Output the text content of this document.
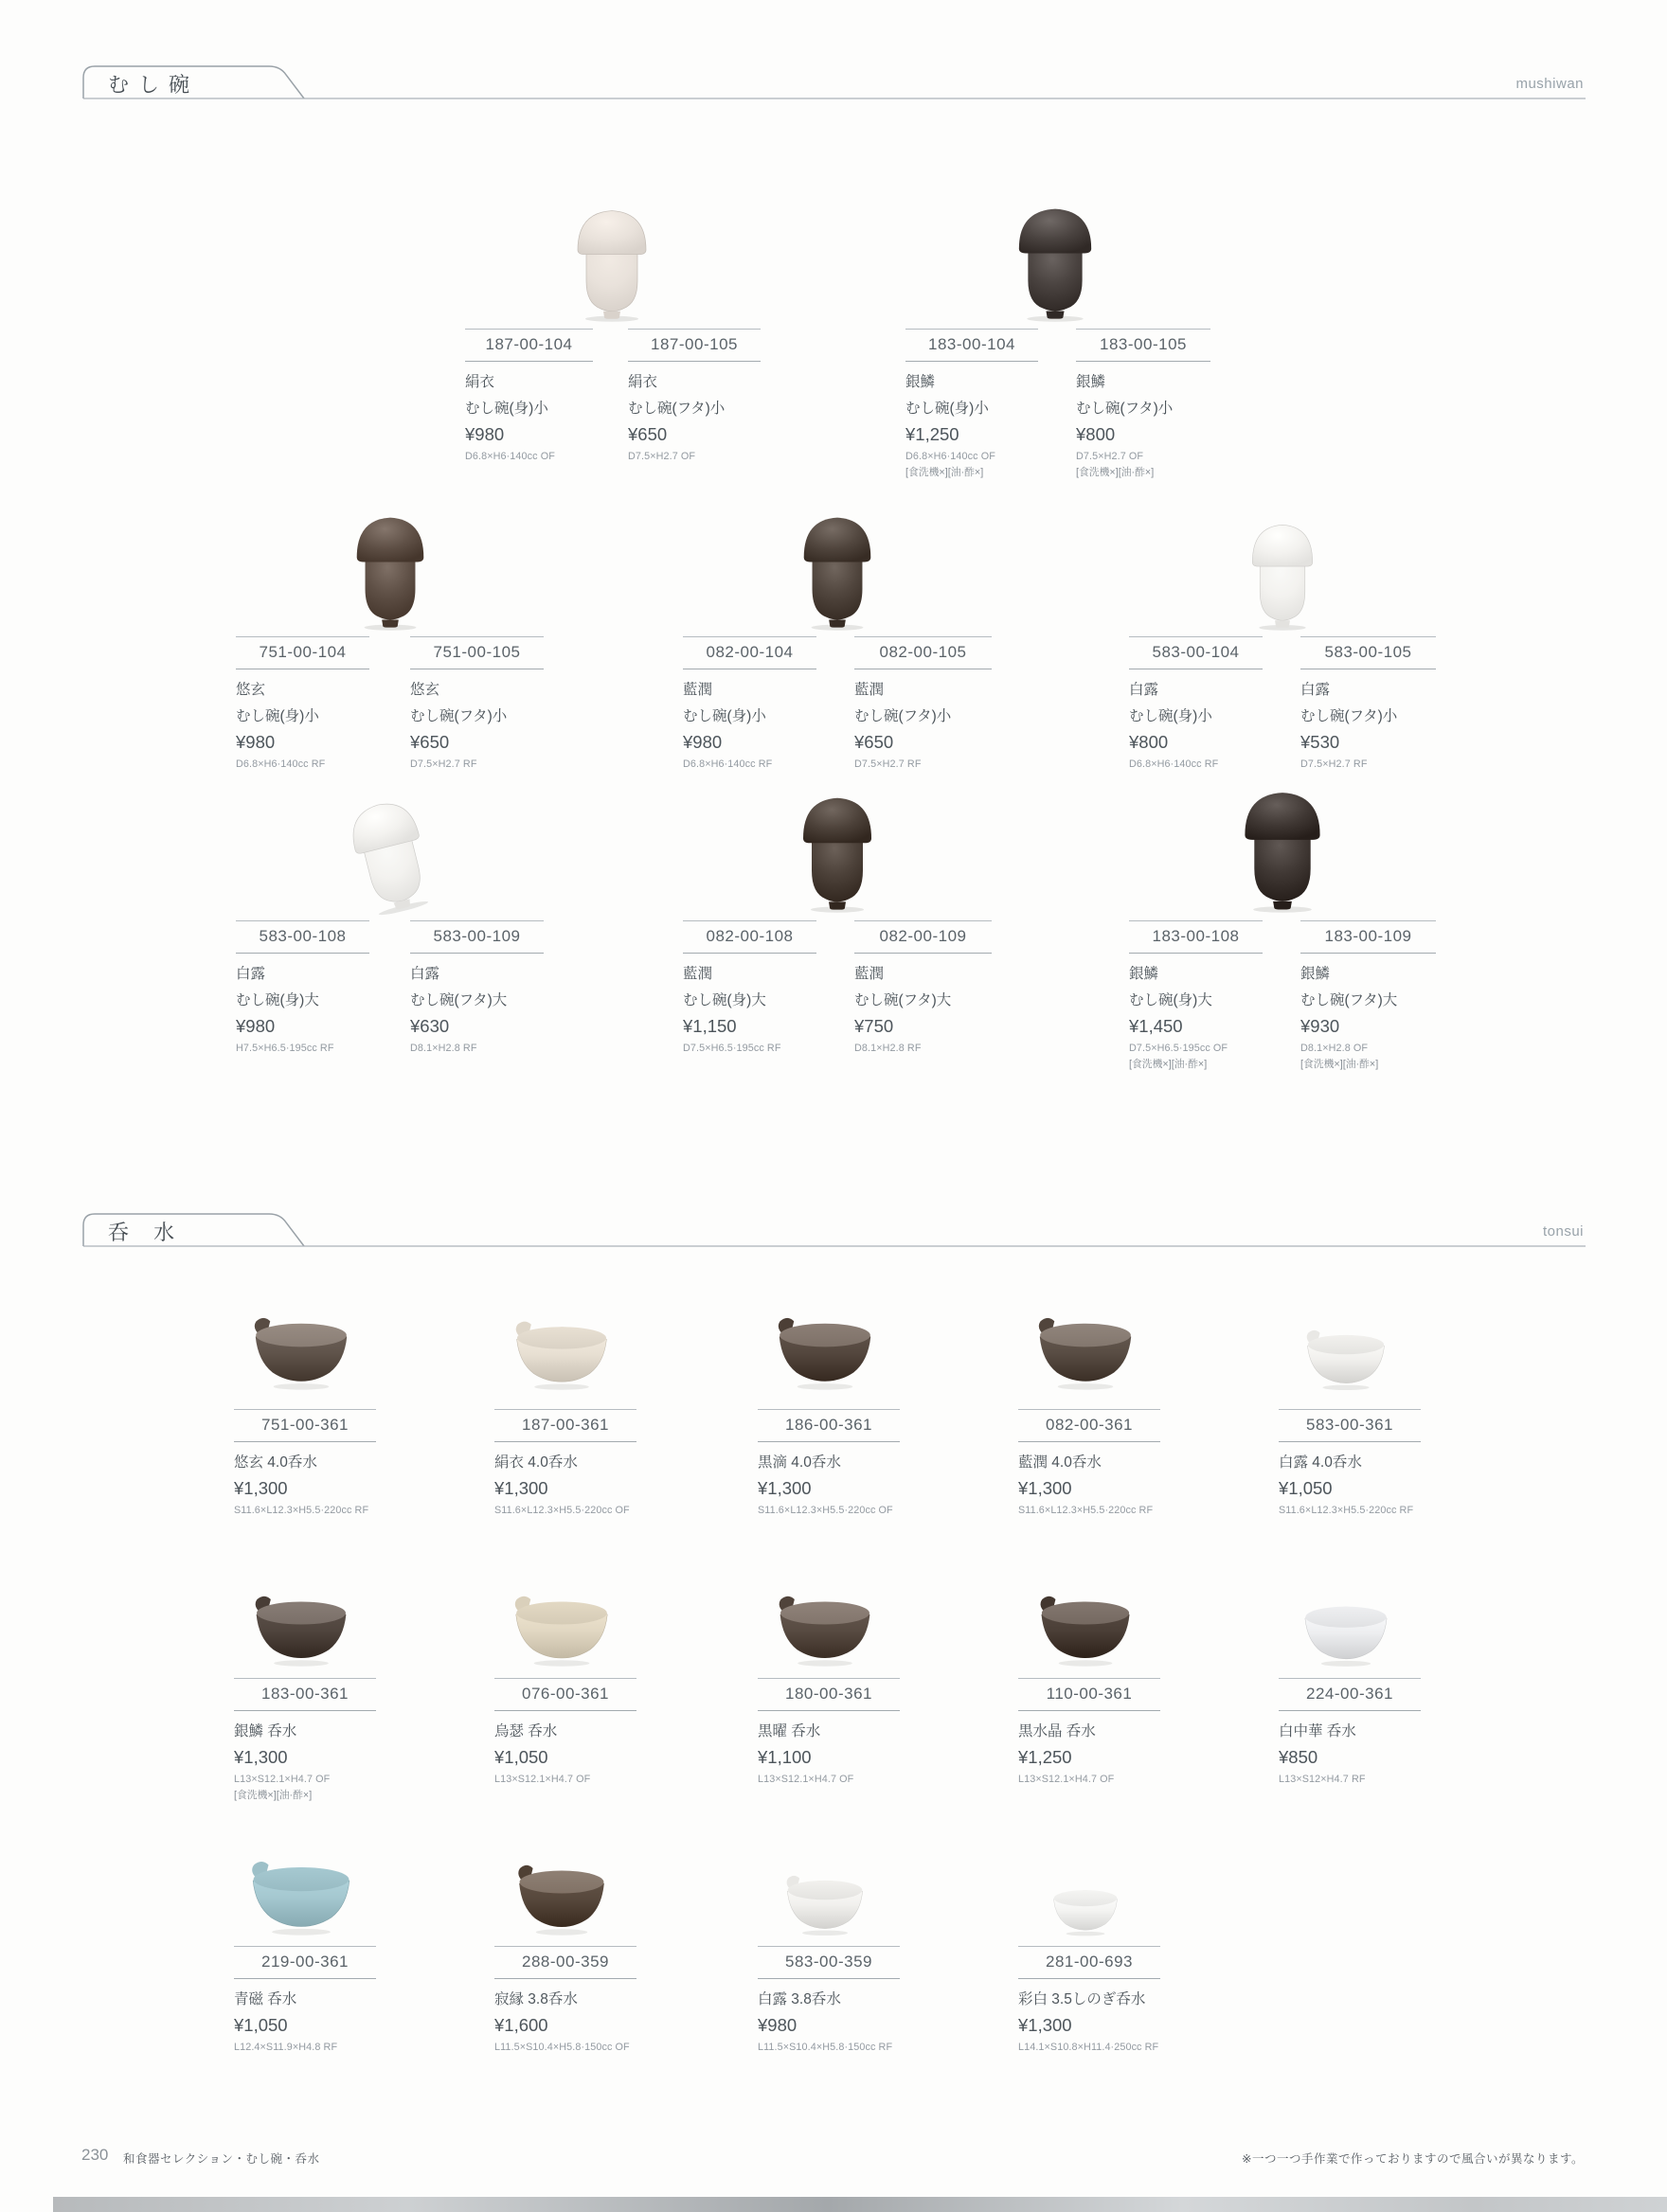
むし碗	mushiwan
呑 水	tonsui
230 和食器セレクション・むし碗・呑水	※一つ一つ手作業で作っておりますので風合いが異なります。
187-00-104
絹衣
むし碗(身)小
¥980
D6.8×H6·140cc OF
187-00-105
絹衣
むし碗(フタ)小
¥650
D7.5×H2.7 OF
183-00-104
銀鱗
むし碗(身)小
¥1,250
D6.8×H6·140cc OF
[食洗機×][油·酢×]
183-00-105
銀鱗
むし碗(フタ)小
¥800
D7.5×H2.7 OF
[食洗機×][油·酢×]
751-00-104
悠玄
むし碗(身)小
¥980
D6.8×H6·140cc RF
751-00-105
悠玄
むし碗(フタ)小
¥650
D7.5×H2.7 RF
082-00-104
藍潤
むし碗(身)小
¥980
D6.8×H6·140cc RF
082-00-105
藍潤
むし碗(フタ)小
¥650
D7.5×H2.7 RF
583-00-104
白露
むし碗(身)小
¥800
D6.8×H6·140cc RF
583-00-105
白露
むし碗(フタ)小
¥530
D7.5×H2.7 RF
583-00-108
白露
むし碗(身)大
¥980
H7.5×H6.5·195cc RF
583-00-109
白露
むし碗(フタ)大
¥630
D8.1×H2.8 RF
082-00-108
藍潤
むし碗(身)大
¥1,150
D7.5×H6.5·195cc RF
082-00-109
藍潤
むし碗(フタ)大
¥750
D8.1×H2.8 RF
183-00-108
銀鱗
むし碗(身)大
¥1,450
D7.5×H6.5·195cc OF
[食洗機×][油·酢×]
183-00-109
銀鱗
むし碗(フタ)大
¥930
D8.1×H2.8 OF
[食洗機×][油·酢×]
751-00-361
悠玄 4.0呑水
¥1,300
S11.6×L12.3×H5.5·220cc RF
187-00-361
絹衣 4.0呑水
¥1,300
S11.6×L12.3×H5.5·220cc OF
186-00-361
黒滴 4.0呑水
¥1,300
S11.6×L12.3×H5.5·220cc OF
082-00-361
藍潤 4.0呑水
¥1,300
S11.6×L12.3×H5.5·220cc RF
583-00-361
白露 4.0呑水
¥1,050
S11.6×L12.3×H5.5·220cc RF
183-00-361
銀鱗 呑水
¥1,300
L13×S12.1×H4.7 OF
[食洗機×][油·酢×]
076-00-361
烏瑟 呑水
¥1,050
L13×S12.1×H4.7 OF
180-00-361
黒曜 呑水
¥1,100
L13×S12.1×H4.7 OF
110-00-361
黒水晶 呑水
¥1,250
L13×S12.1×H4.7 OF
224-00-361
白中華 呑水
¥850
L13×S12×H4.7 RF
219-00-361
青磁 呑水
¥1,050
L12.4×S11.9×H4.8 RF
288-00-359
寂縁 3.8呑水
¥1,600
L11.5×S10.4×H5.8·150cc OF
583-00-359
白露 3.8呑水
¥980
L11.5×S10.4×H5.8·150cc RF
281-00-693
彩白 3.5しのぎ呑水
¥1,300
L14.1×S10.8×H11.4·250cc RF
